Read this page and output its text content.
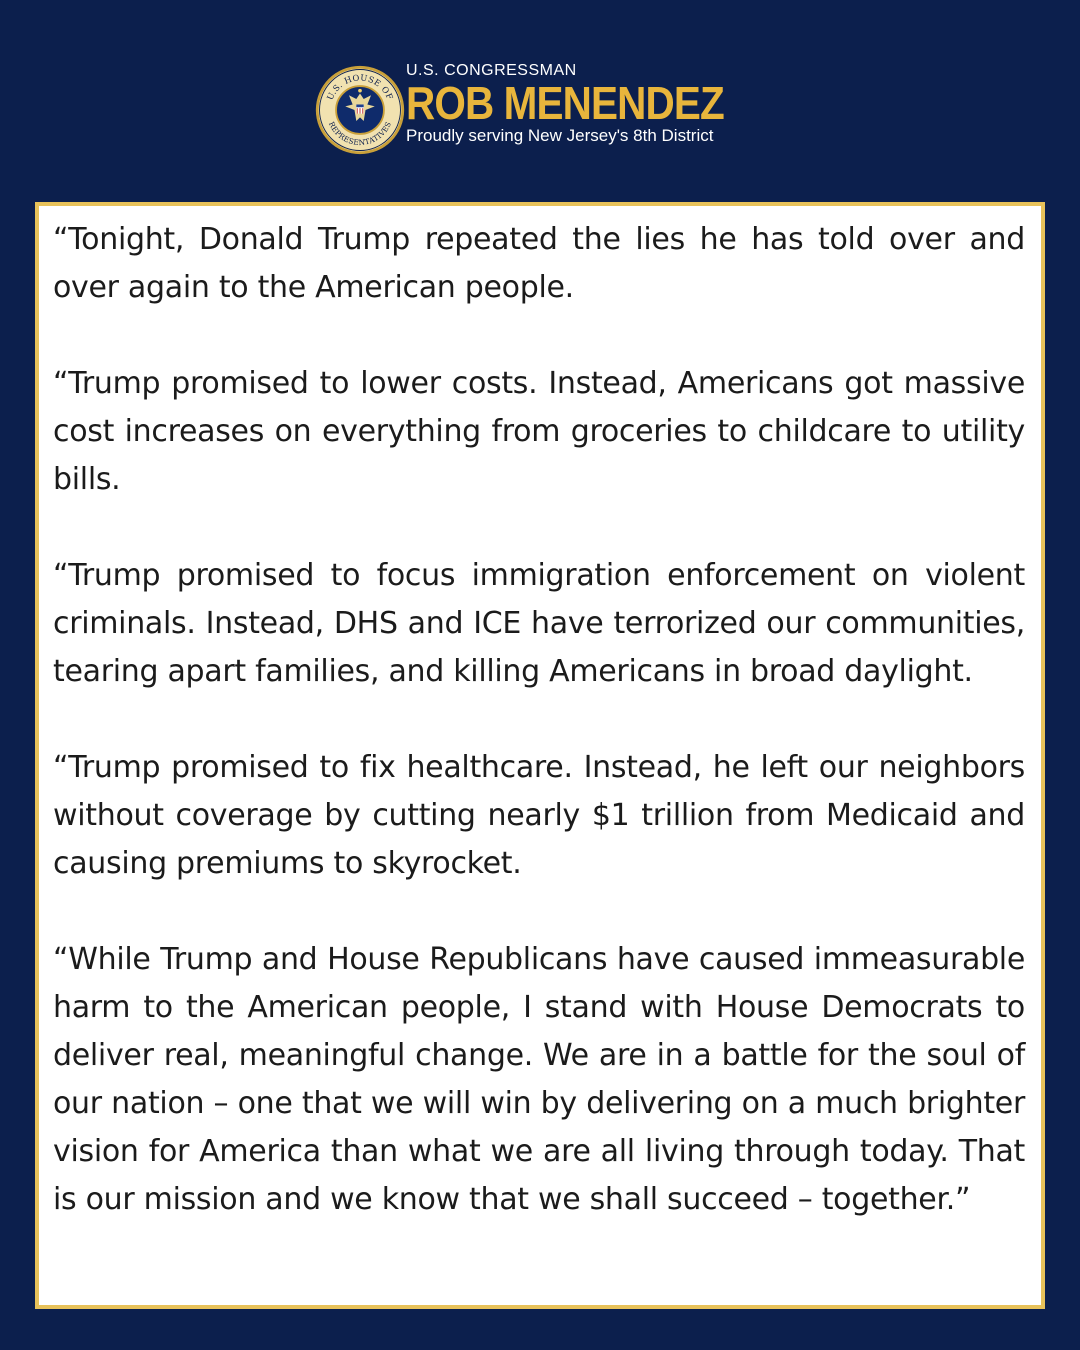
U.S. HOUSE OF
REPRESENTATIVES

U.S. CONGRESSMAN

ROB MENENDEZ

Proudly serving New Jersey's 8th District

“Tonight, Donald Trump repeated the lies he has told over and over again to the American people.

“Trump promised to lower costs. Instead, Americans got massive cost increases on everything from groceries to childcare to utility bills.

“Trump promised to focus immigration enforcement on violent criminals. Instead, DHS and ICE have terrorized our communities, tearing apart families, and killing Americans in broad daylight.

“Trump promised to fix healthcare. Instead, he left our neighbors without coverage by cutting nearly $1 trillion from Medicaid and causing premiums to skyrocket.

“While Trump and House Republicans have caused immeasurable harm to the American people, I stand with House Democrats to deliver real, meaningful change. We are in a battle for the soul of our nation – one that we will win by delivering on a much brighter vision for America than what we are all living through today. That is our mission and we know that we shall succeed – together.”
